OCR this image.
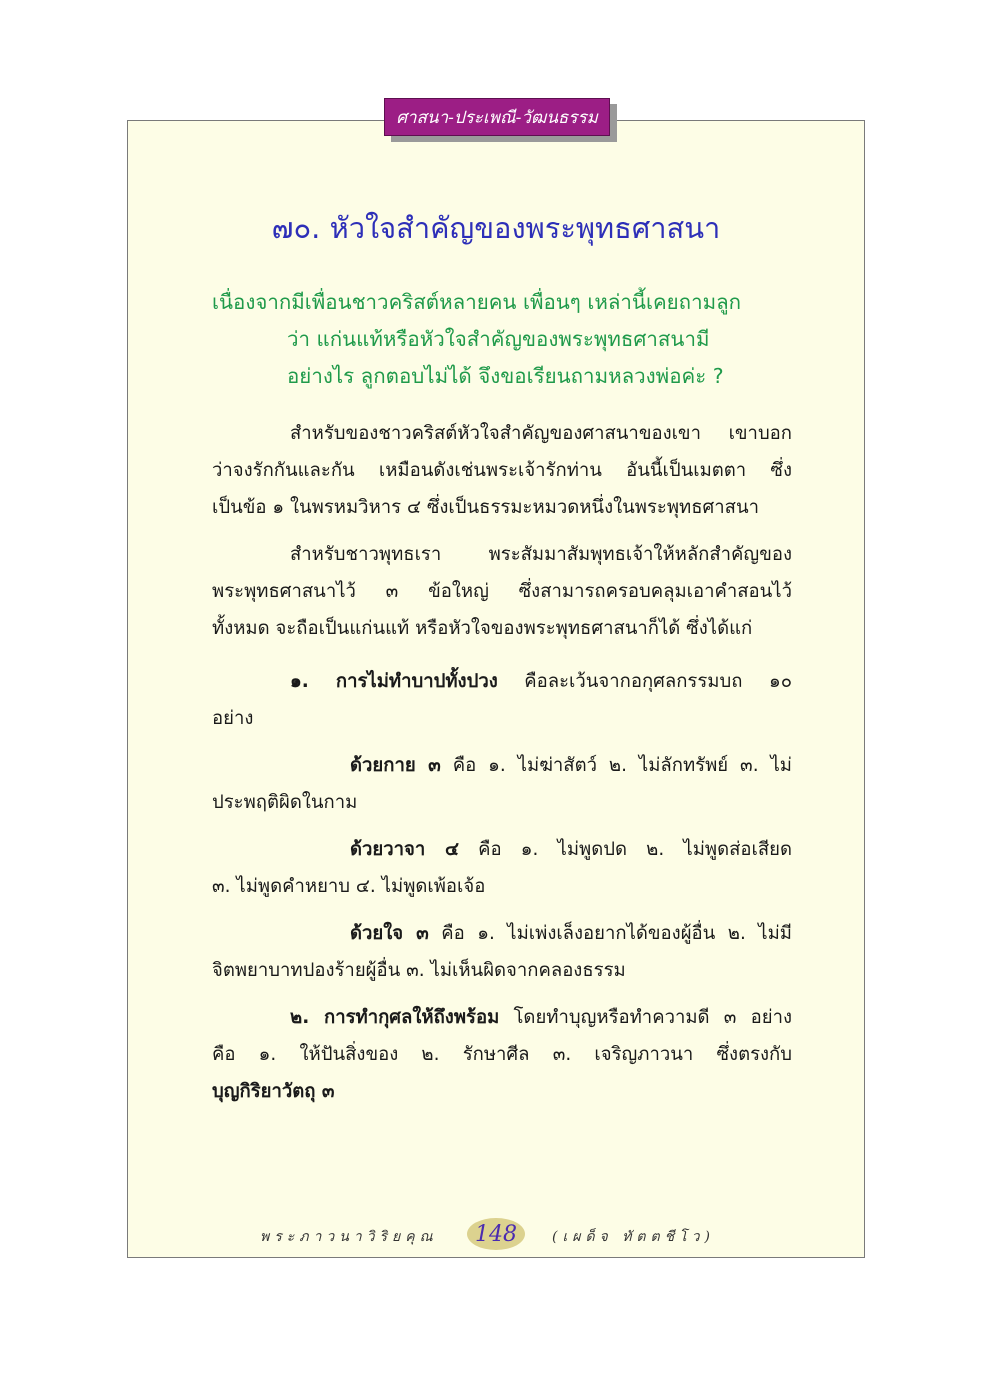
ศาสนา-ประเพณี-วัฒนธรรม
๗๐. หัวใจสำคัญของพระพุทธศาสนา
เนื่องจากมีเพื่อนชาวคริสต์หลายคน เพื่อนๆ เหล่านี้เคยถามลูก
ว่า แก่นแท้หรือหัวใจสำคัญของพระพุทธศาสนามี
อย่างไร ลูกตอบไม่ได้ จึงขอเรียนถามหลวงพ่อค่ะ ?
สำหรับของชาวคริสต์หัวใจสำคัญของศาสนาของเขา เขาบอก
ว่าจงรักกันและกัน เหมือนดังเช่นพระเจ้ารักท่าน อันนี้เป็นเมตตา ซึ่ง
เป็นข้อ ๑ ในพรหมวิหาร ๔ ซึ่งเป็นธรรมะหมวดหนึ่งในพระพุทธศาสนา
สำหรับชาวพุทธเรา พระสัมมาสัมพุทธเจ้าให้หลักสำคัญของ
พระพุทธศาสนาไว้ ๓ ข้อใหญ่ ซึ่งสามารถครอบคลุมเอาคำสอนไว้
ทั้งหมด จะถือเป็นแก่นแท้ หรือหัวใจของพระพุทธศาสนาก็ได้ ซึ่งได้แก่
๑. การไม่ทำบาปทั้งปวง คือละเว้นจากอกุศลกรรมบถ ๑๐
อย่าง
ด้วยกาย ๓ คือ ๑. ไม่ฆ่าสัตว์ ๒. ไม่ลักทรัพย์ ๓. ไม่
ประพฤติผิดในกาม
ด้วยวาจา ๔ คือ ๑. ไม่พูดปด ๒. ไม่พูดส่อเสียด
๓. ไม่พูดคำหยาบ ๔. ไม่พูดเพ้อเจ้อ
ด้วยใจ ๓ คือ ๑. ไม่เพ่งเล็งอยากได้ของผู้อื่น ๒. ไม่มี
จิตพยาบาทปองร้ายผู้อื่น ๓. ไม่เห็นผิดจากคลองธรรม
๒. การทำกุศลให้ถึงพร้อม โดยทำบุญหรือทำความดี ๓ อย่าง
คือ ๑. ให้ปันสิ่งของ ๒. รักษาศีล ๓. เจริญภาวนา ซึ่งตรงกับ
บุญกิริยาวัตถุ ๓
พระภาวนาวิริยคุณ	148	(เผด็จ ทัตตชีโว)
